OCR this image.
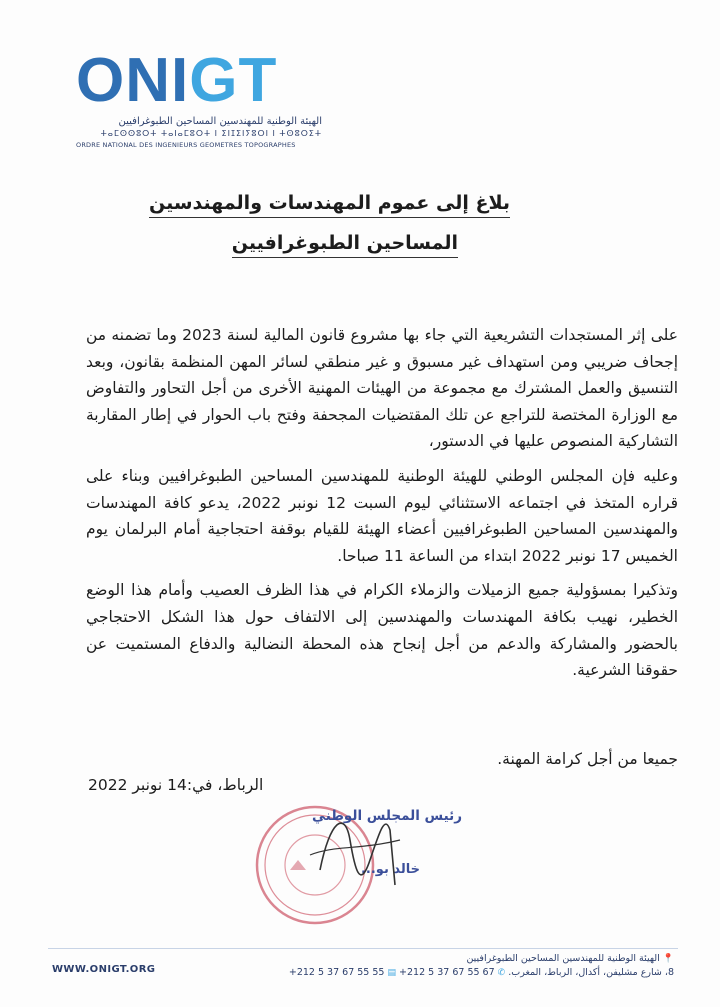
ONIGT
الهيئة الوطنية للمهندسين المساحين الطبوغرافيين
ⵜⴰⵎⵙⵙⵓⵔⵜ ⵜⴰⵏⴰⵎⵓⵔⵜ ⵏ ⵉⵏⵊⵉⵏⵢⵓⵔⵏ ⵏ ⵜⵙⵓⵔⵉⵜ
ORDRE NATIONAL DES INGENIEURS GEOMETRES TOPOGRAPHES
بلاغ إلى عموم المهندسات والمهندسين
المساحين الطبوغرافيين

على إثر المستجدات التشريعية التي جاء بها مشروع قانون المالية لسنة 2023 وما تضمنه من إجحاف ضريبي ومن استهداف غير مسبوق و غير منطقي لسائر المهن المنظمة بقانون، وبعد التنسيق والعمل المشترك مع مجموعة من الهيئات المهنية الأخرى من أجل التحاور والتفاوض مع الوزارة المختصة للتراجع عن تلك المقتضيات المجحفة وفتح باب الحوار في إطار المقاربة التشاركية المنصوص عليها في الدستور،

وعليه فإن المجلس الوطني للهيئة الوطنية للمهندسين المساحين الطبوغرافيين وبناء على قراره المتخذ في اجتماعه الاستثنائي ليوم السبت 12 نونبر 2022، يدعو كافة المهندسات والمهندسين المساحين الطبوغرافيين أعضاء الهيئة للقيام بوقفة احتجاجية أمام البرلمان يوم الخميس 17 نونبر 2022 ابتداء من الساعة 11 صباحا.

وتذكيرا بمسؤولية جميع الزميلات والزملاء الكرام في هذا الظرف العصيب وأمام هذا الوضع الخطير، نهيب بكافة المهندسات والمهندسين إلى الالتفاف حول هذا الشكل الاحتجاجي بالحضور والمشاركة والدعم من أجل إنجاح هذه المحطة النضالية والدفاع المستميت عن حقوقنا الشرعية.

جميعا من أجل كرامة المهنة.
الرباط، في:14 نونبر 2022
رئيس المجلس الوطني
خالد بو...
WWW.ONIGT.ORG
📍 الهيئة الوطنية للمهندسين المساحين الطبوغرافيين
8، شارع مشليفن، أكدال، الرباط، المغرب. ✆ +212 5 37 67 55 55 ▤ +212 5 37 67 55 67
